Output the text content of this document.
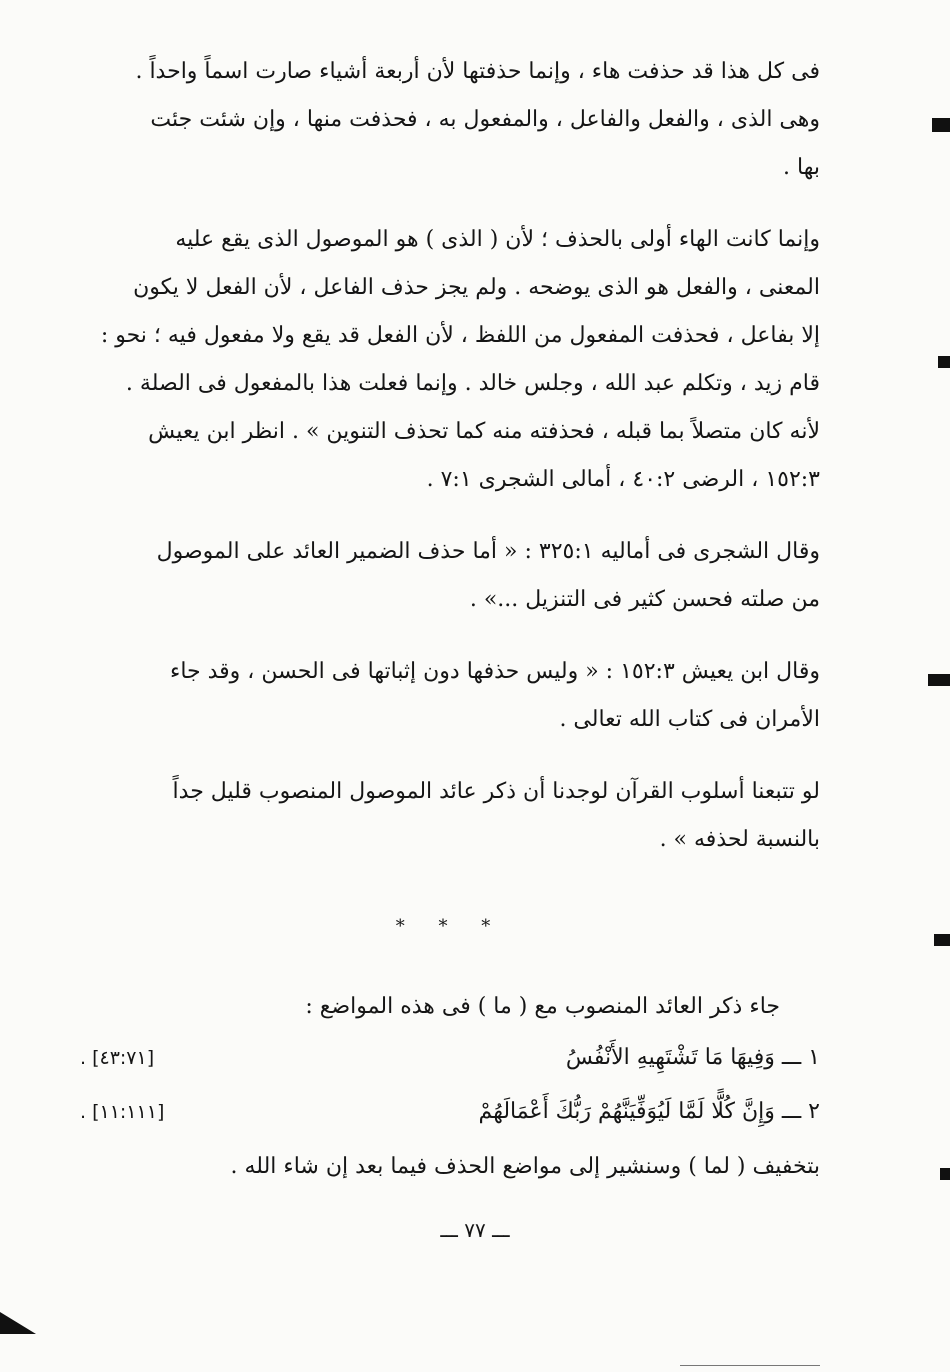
فى كل هذا قد حذفت هاء ، وإنما حذفتها لأن أربعة أشياء صارت اسماً واحداً .
وهى الذى ، والفعل والفاعل ، والمفعول به ، فحذفت منها ، وإن شئت جئت
بها .

وإنما كانت الهاء أولى بالحذف ؛ لأن ( الذى ) هو الموصول الذى يقع عليه
المعنى ، والفعل هو الذى يوضحه . ولم يجز حذف الفاعل ، لأن الفعل لا يكون
إلا بفاعل ، فحذفت المفعول من اللفظ ، لأن الفعل قد يقع ولا مفعول فيه ؛ نحو :
قام زيد ، وتكلم عبد الله ، وجلس خالد . وإنما فعلت هذا بالمفعول فى الصلة .
لأنه كان متصلاً بما قبله ، فحذفته منه كما تحذف التنوين » . انظر ابن يعيش
١٥٢:٣ ، الرضى ٤٠:٢ ، أمالى الشجرى ٧:١ .

وقال الشجرى فى أماليه ٣٢٥:١ : « أما حذف الضمير العائد على الموصول
من صلته فحسن كثير فى التنزيل ...» .

وقال ابن يعيش ١٥٢:٣ : « وليس حذفها دون إثباتها فى الحسن ، وقد جاء
الأمران فى كتاب الله تعالى .

لو تتبعنا أسلوب القرآن لوجدنا أن ذكر عائد الموصول المنصوب قليل جداً
بالنسبة لحذفه » .

* * *
جاء ذكر العائد المنصوب مع ( ما ) فى هذه المواضع :
١ ـــ وَفِيهَا مَا تَشْتَهِيهِ الأَنْفُسُ
. [٤٣:٧١]
٢ ـــ وَإِنَّ كُلًّا لَمَّا لَيُوَفِّيَنَّهُمْ رَبُّكَ أَعْمَالَهُمْ
. [١١:١١١]
بتخفيف ( لما ) وسنشير إلى مواضع الحذف فيما بعد إن شاء الله .
ـــ ٧٧ ـــ
